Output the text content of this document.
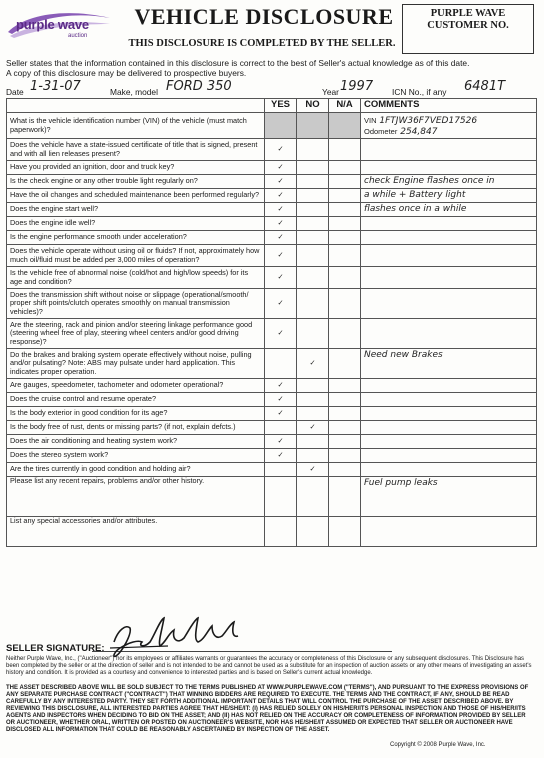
purple wave
auction
VEHICLE DISCLOSURE
THIS DISCLOSURE IS COMPLETED BY THE SELLER.
PURPLE WAVE
CUSTOMER NO.
Seller states that the information contained in this disclosure is correct to the best of Seller's actual knowledge as of this date.
A copy of this disclosure may be delivered to prospective buyers.
Date 1-31-07	Make, model FORD 350	Year 1997 ICN No., if any 6481T
	YES	NO	N/A	COMMENTS
What is the vehicle identification number (VIN) of the vehicle (must match paperwork)?				VIN 1FTJW36F7VED17526
Odometer 254,847

Does the vehicle have a state-issued certificate of title that is signed, present and with all lien releases present?	✓			
Have you provided an ignition, door and truck key?	✓			
Is the check engine or any other trouble light regularly on?	✓			check Engine flashes once in

Have the oil changes and scheduled maintenance been performed regularly?	✓			a while + Battery light

Does the engine start well?	✓			flashes once in a while

Does the engine idle well?	✓			
Is the engine performance smooth under acceleration?	✓			
Does the vehicle operate without using oil or fluids? If not, approximately how much oil/fluid must be added per 3,000 miles of operation?	✓			
Is the vehicle free of abnormal noise (cold/hot and high/low speeds) for its age and condition?	✓			
Does the transmission shift without noise or slippage (operational/smooth/ proper shift points/clutch operates smoothly on manual transmission vehicles)?	✓			
Are the steering, rack and pinion and/or steering linkage performance good (steering wheel free of play, steering wheel centers and/or good driving response)?	✓			
Do the brakes and braking system operate effectively without noise, pulling and/or pulsating? Note: ABS may pulsate under hard application. This indicates proper operation.		✓		Need new Brakes

Are gauges, speedometer, tachometer and odometer operational?	✓			
Does the cruise control and resume operate?	✓			
Is the body exterior in good condition for its age?	✓			
Is the body free of rust, dents or missing parts? (if not, explain defcts.)		✓		
Does the air conditioning and heating system work?	✓			
Does the stereo system work?	✓			
Are the tires currently in good condition and holding air?		✓		
Please list any recent repairs, problems and/or other history.				Fuel pump leaks

List any special accessories and/or attributes.				
SELLER SIGNATURE:
Neither Purple Wave, Inc., ("Auctioneer") nor its employees or affiliates warrants or guarantees the accuracy or completeness of this Disclosure or any subsequent disclosures. This Disclosure has been completed by the seller or at the direction of seller and is not intended to be and cannot be used as a substitute for an inspection of auction assets or any other means of investigating an asset's history and condition. It is provided as a courtesy and convenience to interested parties and is based on Seller's current actual knowledge.
THE ASSET DESCRIBED ABOVE WILL BE SOLD SUBJECT TO THE TERMS PUBLISHED AT WWW.PURPLEWAVE.COM ("TERMS"), AND PURSUANT TO THE EXPRESS PROVISIONS OF ANY SEPARATE PURCHASE CONTRACT ("CONTRACT") THAT WINNING BIDDERS ARE REQUIRED TO EXECUTE. THE TERMS AND THE CONTRACT, IF ANY, SHOULD BE READ CAREFULLY BY ANY INTERESTED PARTY. THEY SET FORTH ADDITIONAL IMPORTANT DETAILS THAT WILL CONTROL THE PURCHASE OF THE ASSET DESCRIBED ABOVE. BY REVIEWING THIS DISCLOSURE, ALL INTERESTED PARTIES AGREE THAT HE/SHE/IT: (I) HAS RELIED SOLELY ON HIS/HER/ITS PERSONAL INSPECTION AND THOSE OF HIS/HER/ITS AGENTS AND INSPECTORS WHEN DECIDING TO BID ON THE ASSET; AND (II) HAS NOT RELIED ON THE ACCURACY OR COMPLETENESS OF INFORMATION PROVIDED BY SELLER OR AUCTIONEER, WHETHER ORAL, WRITTEN OR POSTED ON AUCTIONEER'S WEBSITE, NOR HAS HE/SHE/IT ASSUMED OR EXPECTED THAT SELLER OR AUCTIONEER HAVE DISCLOSED ALL INFORMATION THAT COULD BE REASONABLY ASCERTAINED BY INSPECTION OF THE ASSET.
Copyright © 2008 Purple Wave, Inc.
